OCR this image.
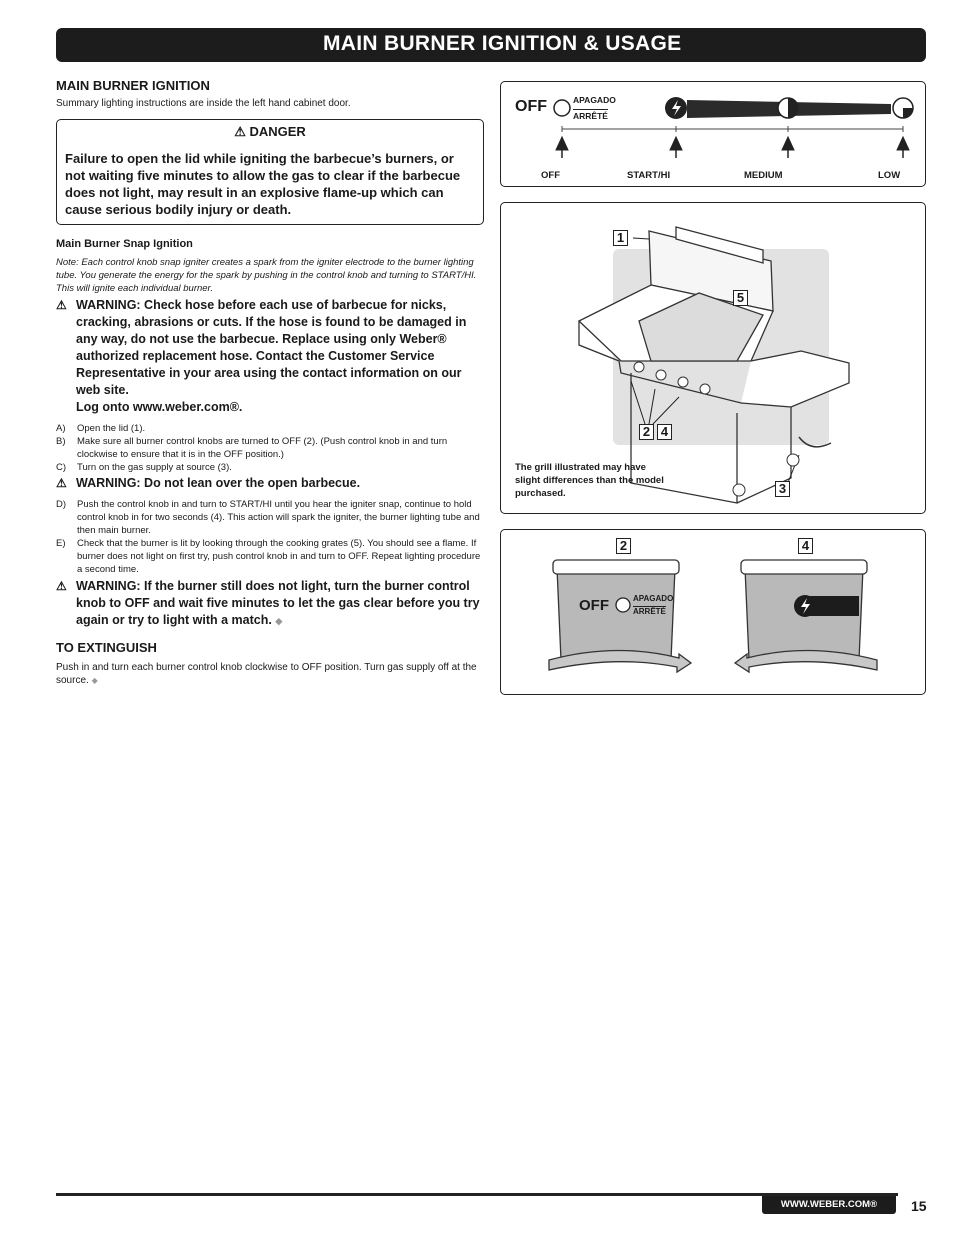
MAIN BURNER IGNITION & USAGE

MAIN BURNER IGNITION

Summary lighting instructions are inside the left hand cabinet door.
⚠ DANGER
Failure to open the lid while igniting the barbecue’s burners, or not waiting five minutes to allow the gas to clear if the barbecue does not light, may result in an explosive flame-up which can cause serious bodily injury or death.
Main Burner Snap Ignition
Note: Each control knob snap igniter creates a spark from the igniter electrode to the burner lighting tube. You generate the energy for the spark by pushing in the control knob and turning to START/HI. This will ignite each individual burner.
⚠ WARNING: Check hose before each use of barbecue for nicks, cracking, abrasions or cuts. If the hose is found to be damaged in any way, do not use the barbecue. Replace using only Weber® authorized replacement hose. Contact the Customer Service Representative in your area using the contact information on our web site.
Log onto www.weber.com®.
A)	Open the lid (1).
B)	Make sure all burner control knobs are turned to OFF (2). (Push control knob in and turn clockwise to ensure that it is in the OFF position.)
C)	Turn on the gas supply at source (3).
⚠ WARNING: Do not lean over the open barbecue.
D)	Push the control knob in and turn to START/HI until you hear the igniter snap, continue to hold control knob in for two seconds (4). This action will spark the igniter, the burner lighting tube and then main burner.
E)	Check that the burner is lit by looking through the cooking grates (5). You should see a flame. If burner does not light on first try, push control knob in and turn to OFF. Repeat lighting procedure a second time.
⚠ WARNING: If the burner still does not light, turn the burner control knob to OFF and wait five minutes to let the gas clear before you try again or try to light with a match. ◆
TO EXTINGUISH
Push in and turn each burner control knob clockwise to OFF position. Turn gas supply off at the source. ◆
OFF	APAGADO
ARRÊTÉ
OFF	START/HI	MEDIUM	LOW
1
5
2 4
3
The grill illustrated may have slight differences than the model purchased.
2	4
OFF	APAGADO
ARRÊTÉ
WWW.WEBER.COM®	15
